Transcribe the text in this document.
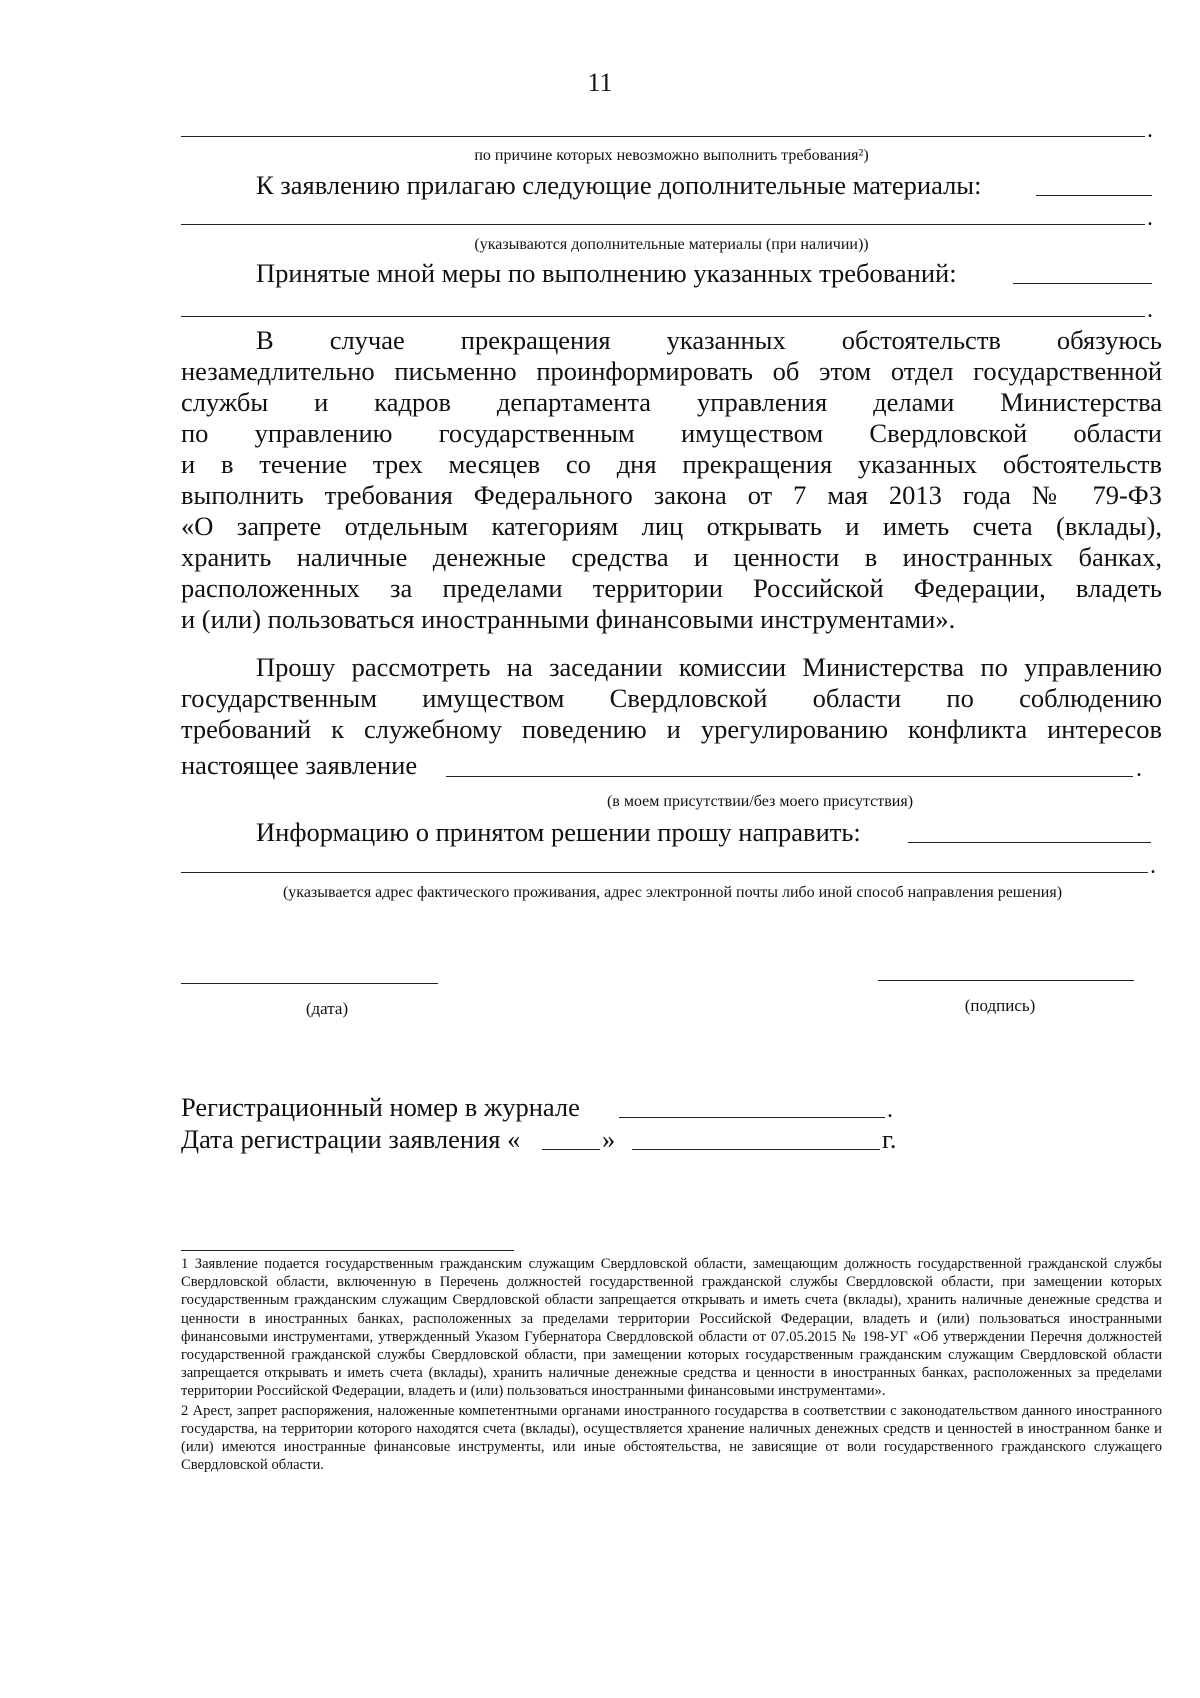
11
.
по причине которых невозможно выполнить требования²)
К заявлению прилагаю следующие дополнительные материалы:
.
(указываются дополнительные материалы (при наличии))
Принятые мной меры по выполнению указанных требований:
.

В случае прекращения указанных обстоятельств обязуюсь

незамедлительно письменно проинформировать об этом отдел государственной

службы и кадров департамента управления делами Министерства

по управлению государственным имуществом Свердловской области

и в течение трех месяцев со дня прекращения указанных обстоятельств

выполнить требования Федерального закона от 7 мая 2013 года № 79-ФЗ

«О запрете отдельным категориям лиц открывать и иметь счета (вклады),

хранить наличные денежные средства и ценности в иностранных банках,

расположенных за пределами территории Российской Федерации, владеть

и (или) пользоваться иностранными финансовыми инструментами».

Прошу рассмотреть на заседании комиссии Министерства по управлению

государственным имуществом Свердловской области по соблюдению

требований к служебному поведению и урегулированию конфликта интересов

настоящее заявление	.
(в моем присутствии/без моего присутствия)
Информацию о принятом решении прошу направить:
.
(указывается адрес фактического проживания, адрес электронной почты либо иной способ направления решения)
(дата)	(подпись)
Регистрационный номер в журнале	.
Дата регистрации заявления «	»	г.

1 Заявление подается государственным гражданским служащим Свердловской области, замещающим должность государственной гражданской службы Свердловской области, включенную в Перечень должностей государственной гражданской службы Свердловской области, при замещении которых государственным гражданским служащим Свердловской области запрещается открывать и иметь счета (вклады), хранить наличные денежные средства и ценности в иностранных банках, расположенных за пределами территории Российской Федерации, владеть и (или) пользоваться иностранными финансовыми инструментами, утвержденный Указом Губернатора Свердловской области от 07.05.2015 № 198-УГ «Об утверждении Перечня должностей государственной гражданской службы Свердловской области, при замещении которых государственным гражданским служащим Свердловской области запрещается открывать и иметь счета (вклады), хранить наличные денежные средства и ценности в иностранных банках, расположенных за пределами территории Российской Федерации, владеть и (или) пользоваться иностранными финансовыми инструментами».

2 Арест, запрет распоряжения, наложенные компетентными органами иностранного государства в соответствии с законодательством данного иностранного государства, на территории которого находятся счета (вклады), осуществляется хранение наличных денежных средств и ценностей в иностранном банке и (или) имеются иностранные финансовые инструменты, или иные обстоятельства, не зависящие от воли государственного гражданского служащего Свердловской области.
